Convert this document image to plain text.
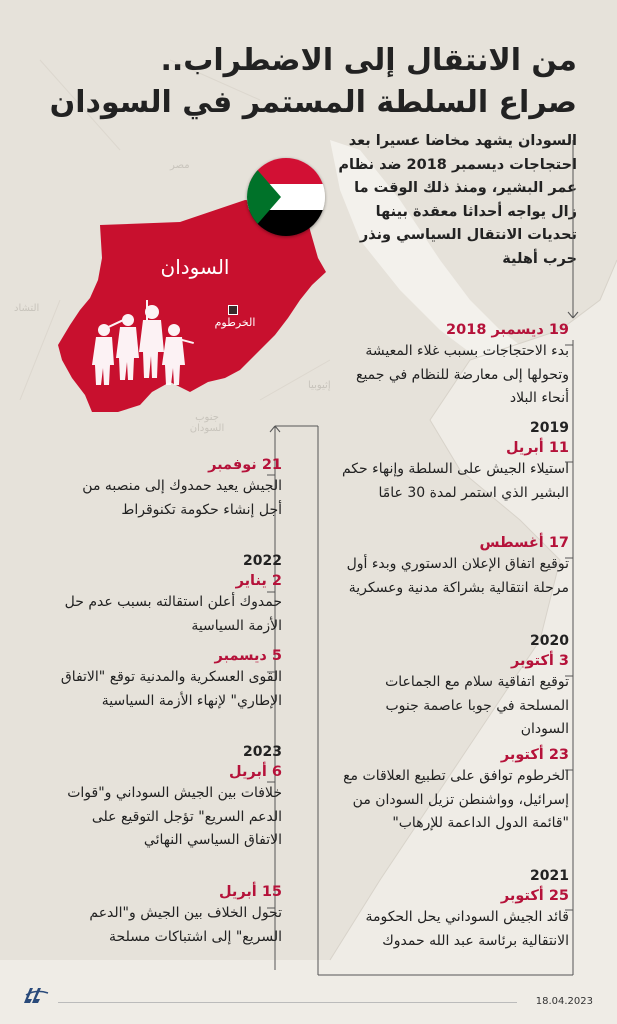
مصر
التشاد
إثيوبيا
جنوب السودان
من الانتقال إلى الاضطراب..
صراع السلطة المستمر في السودان
السودان يشهد مخاضا عسيرا بعد احتجاجات ديسمبر 2018 ضد نظام عمر البشير، ومنذ ذلك الوقت ما زال يواجه أحداثا معقدة بينها تحديات الانتقال السياسي ونذر حرب أهلية
السودان
الخرطوم	19 ديسمبر 2018
بدء الاحتجاجات بسبب غلاء المعيشة وتحولها إلى معارضة للنظام في جميع أنحاء البلاد
2019
11 أبريل
استيلاء الجيش على السلطة وإنهاء حكم البشير الذي استمر لمدة 30 عامًا
17 أغسطس
توقيع اتفاق الإعلان الدستوري وبدء أول مرحلة انتقالية بشراكة مدنية وعسكرية
2020
3 أكتوبر
توقيع اتفاقية سلام مع الجماعات المسلحة في جوبا عاصمة جنوب السودان
23 أكتوبر
الخرطوم توافق على تطبيع العلاقات مع إسرائيل، وواشنطن تزيل السودان من "قائمة الدول الداعمة للإرهاب"
2021
25 أكتوبر
قائد الجيش السوداني يحل الحكومة الانتقالية برئاسة عبد الله حمدوك
21 نوفمبر
الجيش يعيد حمدوك إلى منصبه من أجل إنشاء حكومة تكنوقراط
2022
2 يناير
حمدوك أعلن استقالته بسبب عدم حل الأزمة السياسية
5 ديسمبر
القوى العسكرية والمدنية توقع "الاتفاق الإطاري" لإنهاء الأزمة السياسية
2023
6 أبريل
خلافات بين الجيش السوداني و"قوات الدعم السريع" تؤجل التوقيع على الاتفاق السياسي النهائي
15 أبريل
تحول الخلاف بين الجيش و"الدعم السريع" إلى اشتباكات مسلحة
18.04.2023
